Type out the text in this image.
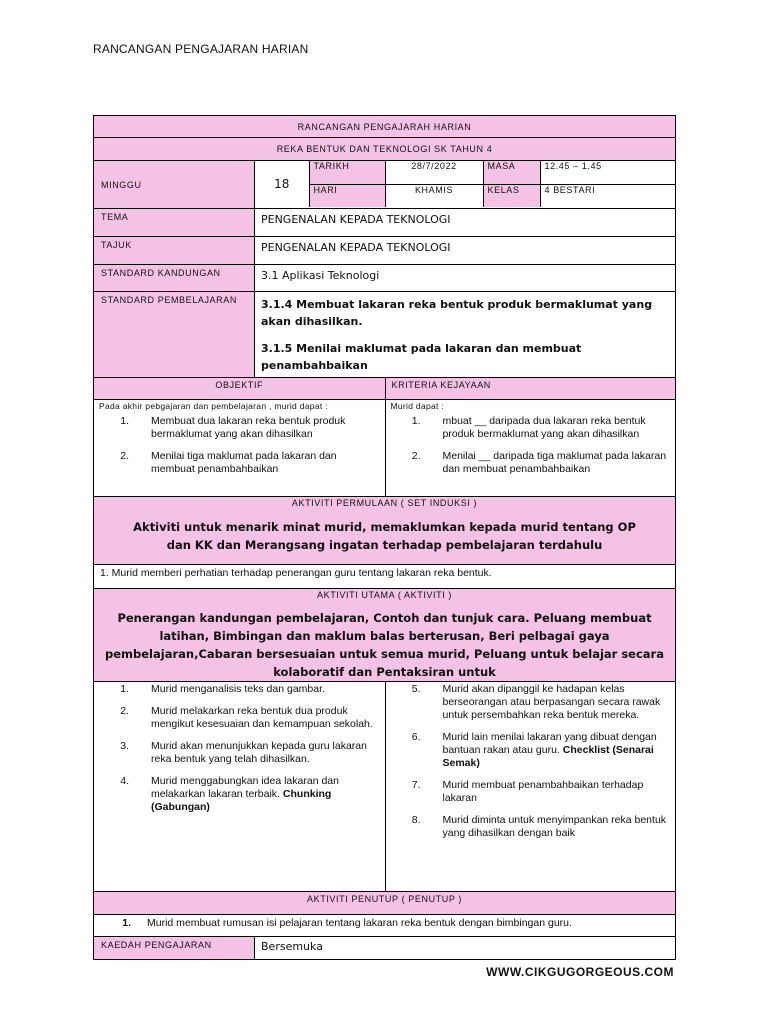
RANCANGAN PENGAJARAN HARIAN
RANCANGAN PENGAJARAH HARIAN
REKA BENTUK DAN TEKNOLOGI SK TAHUN 4
MINGGU		18	TARIKH	28/7/2022	MASA	12.45 – 1.45
HARI	KHAMIS	KELAS	4 BESTARI

TEMA	PENGENALAN KEPADA TEKNOLOGI
TAJUK	PENGENALAN KEPADA TEKNOLOGI
STANDARD KANDUNGAN	3.1 Aplikasi Teknologi
STANDARD PEMBELAJARAN	3.1.4 Membuat lakaran reka bentuk produk bermaklumat yang akan dihasilkan.
3.1.5 Menilai maklumat pada lakaran dan membuat penambahbaikan

OBJEKTIF	KRITERIA KEJAYAAN

Pada akhir pebgajaran dan pembelajaran , murid dapat :
1.	Membuat dua lakaran reka bentuk produk bermaklumat yang akan dihasilkan
2.	Menilai tiga maklumat pada lakaran dan membuat penambahbaikan

Murid dapat :
1.	mbuat __ daripada dua lakaran reka bentuk produk bermaklumat yang akan dihasilkan
2.	Menilai __ daripada tiga maklumat pada lakaran dan membuat penambahbaikan

AKTIVITI PERMULAAN ( SET INDUKSI )
Aktiviti untuk menarik minat murid, memaklumkan kepada murid tentang OP dan KK dan Merangsang ingatan terhadap pembelajaran terdahulu

1. Murid memberi perhatian terhadap penerangan guru tentang lakaran reka bentuk.

AKTIVITI UTAMA ( AKTIVITI )
Penerangan kandungan pembelajaran, Contoh dan tunjuk cara. Peluang membuat latihan, Bimbingan dan maklum balas berterusan, Beri pelbagai gaya pembelajaran,Cabaran bersesuaian untuk semua murid, Peluang untuk belajar secara kolaboratif dan Pentaksiran untuk

1.	Murid menganalisis teks dan gambar.
2.	Murid melakarkan reka bentuk dua produk mengikut kesesuaian dan kemampuan sekolah.
3.	Murid akan menunjukkan kepada guru lakaran reka bentuk yang telah dihasilkan.
4.	Murid menggabungkan idea lakaran dan melakarkan lakaran terbaik. Chunking (Gabungan)

5.	Murid akan dipanggil ke hadapan kelas berseorangan atau berpasangan secara rawak untuk persembahkan reka bentuk mereka.
6.	Murid lain menilai lakaran yang dibuat dengan bantuan rakan atau guru. Checklist (Senarai Semak)
7.	Murid membuat penambahbaikan terhadap lakaran
8.	Murid diminta untuk menyimpankan reka bentuk yang dihasilkan dengan baik

AKTIVITI PENUTUP ( PENUTUP )

1.	Murid membuat rumusan isi pelajaran tentang lakaran reka bentuk dengan bimbingan guru.

KAEDAH PENGAJARAN	Bersemuka
WWW.CIKGUGORGEOUS.COM
